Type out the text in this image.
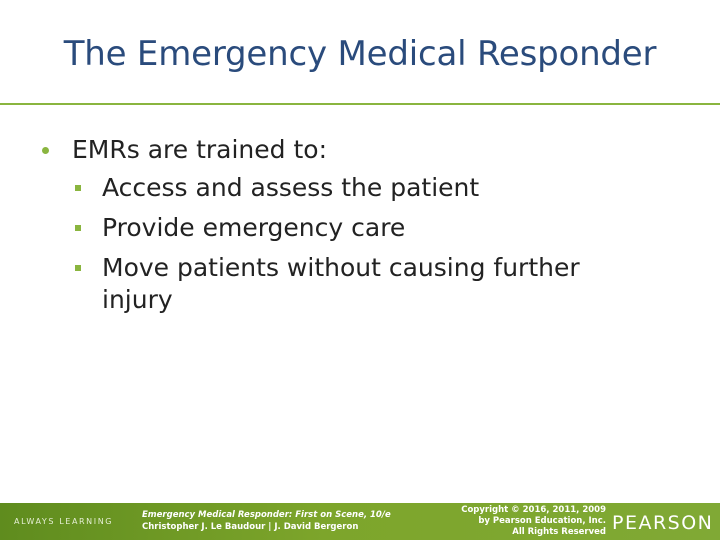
The Emergency Medical Responder
EMRs are trained to:
Access and assess the patient
Provide emergency care
Move patients without causing further injury
ALWAYS LEARNING
Emergency Medical Responder: First on Scene, 10/e
Christopher J. Le Baudour | J. David Bergeron
Copyright © 2016, 2011, 2009
by Pearson Education, Inc.
All Rights Reserved PEARSON
